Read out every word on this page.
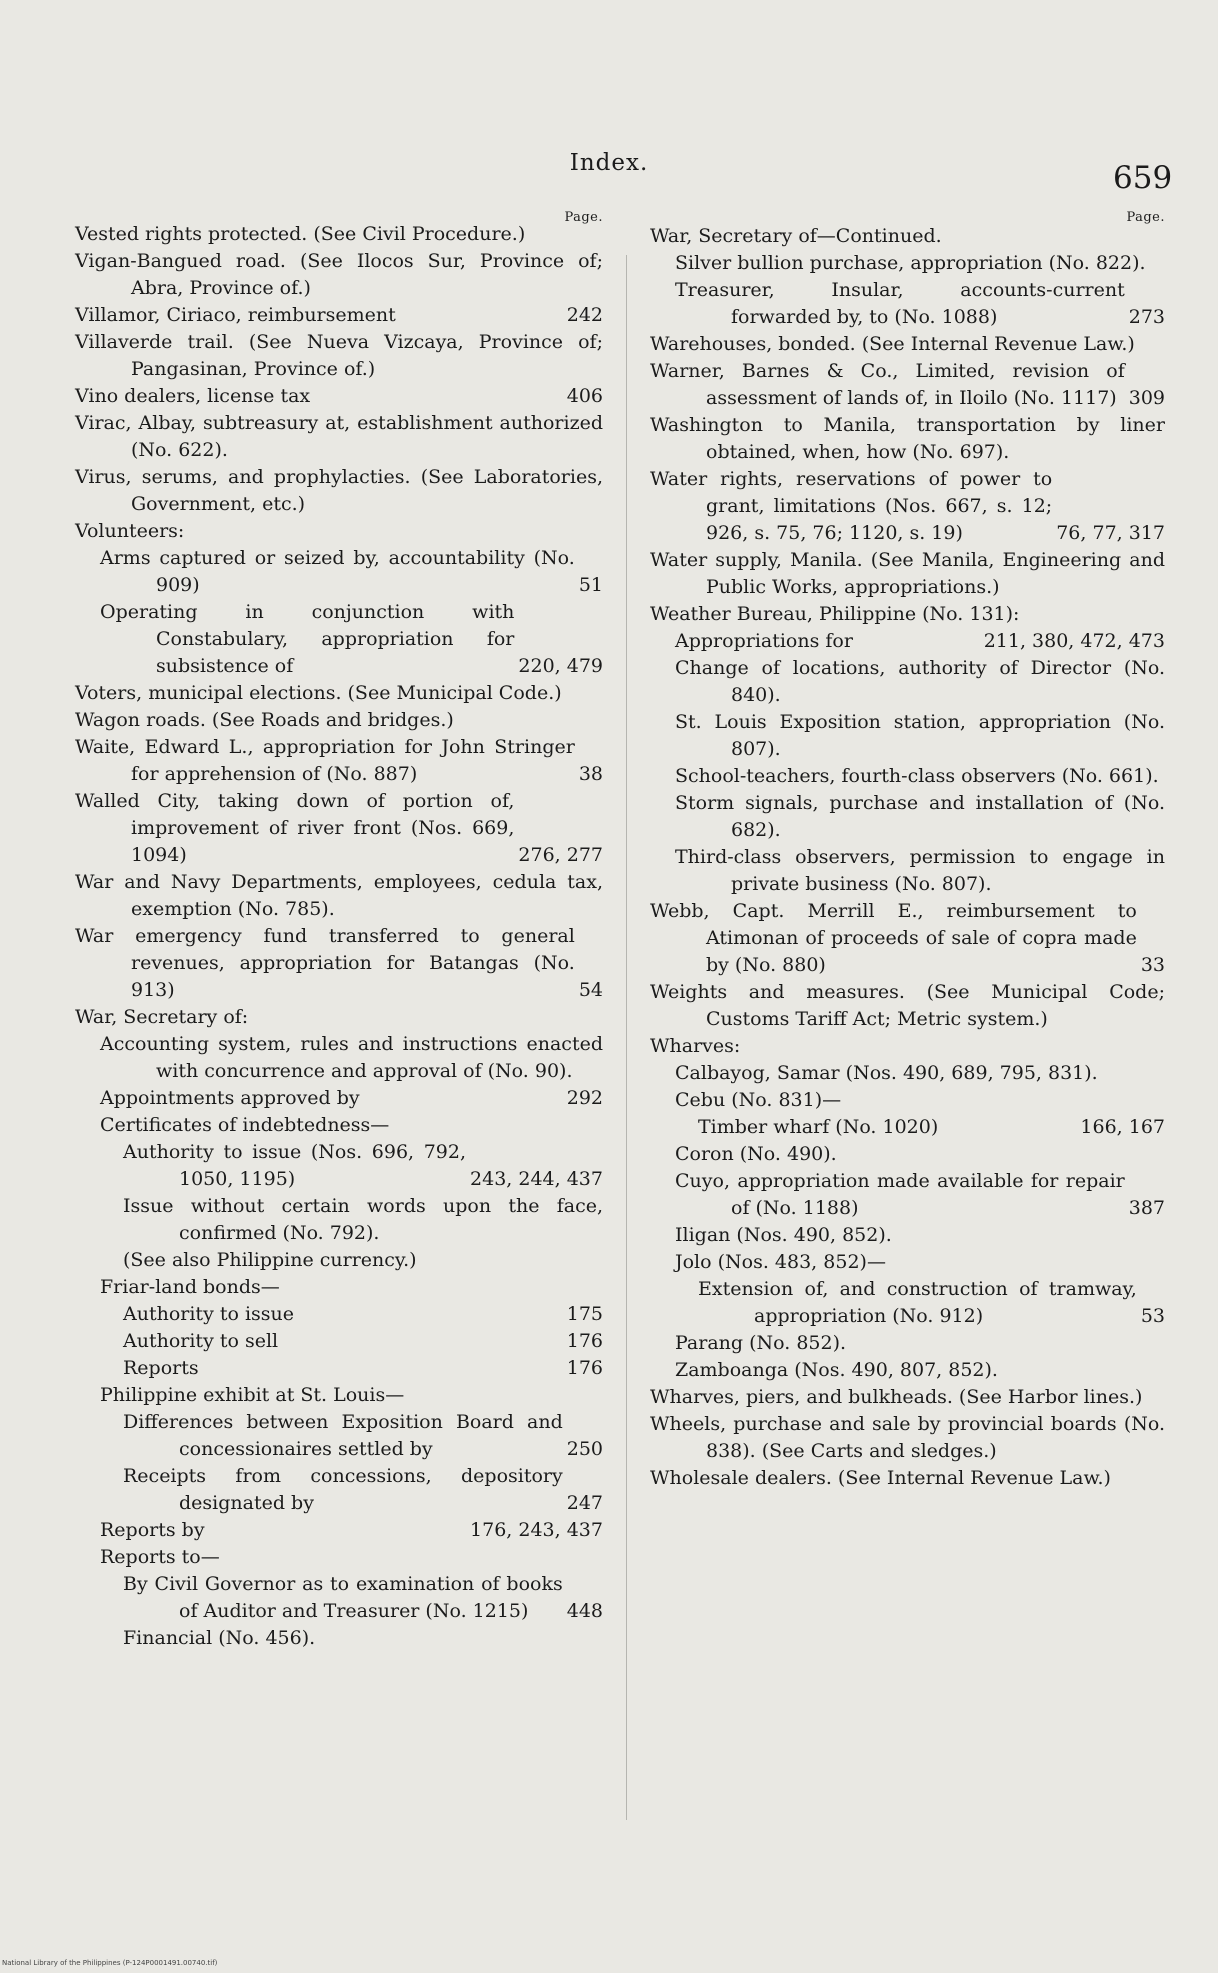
Index.	659
Page.
Vested rights protected. (See Civil Procedure.)
Vigan-Bangued road. (See Ilocos Sur, Province of; Abra, Province of.)
Villamor, Ciriaco, reimbursement	242
Villaverde trail. (See Nueva Vizcaya, Province of; Pangasinan, Province of.)
Vino dealers, license tax	406
Virac, Albay, subtreasury at, establishment authorized (No. 622).
Virus, serums, and prophylacties. (See Laboratories, Government, etc.)
Volunteers:
Arms captured or seized by, accountability (No. 909)	51
Operating in conjunction with Constabulary, appropriation for subsistence of	220, 479
Voters, municipal elections. (See Municipal Code.)
Wagon roads. (See Roads and bridges.)
Waite, Edward L., appropriation for John Stringer for apprehension of (No. 887)	38
Walled City, taking down of portion of, improvement of river front (Nos. 669, 1094)	276, 277
War and Navy Departments, employees, cedula tax, exemption (No. 785).
War emergency fund transferred to general revenues, appropriation for Batangas (No. 913)	54
War, Secretary of:
Accounting system, rules and instructions enacted with concurrence and approval of (No. 90).
Appointments approved by	292
Certificates of indebtedness—
Authority to issue (Nos. 696, 792, 1050, 1195)	243, 244, 437
Issue without certain words upon the face, confirmed (No. 792).
(See also Philippine currency.)
Friar-land bonds—
Authority to issue	175
Authority to sell	176
Reports	176
Philippine exhibit at St. Louis—
Differences between Exposition Board and concessionaires settled by	250
Receipts from concessions, depository designated by	247
Reports by	176, 243, 437
Reports to—
By Civil Governor as to examination of books of Auditor and Treasurer (No. 1215)	448
Financial (No. 456).
Page.
War, Secretary of—Continued.
Silver bullion purchase, appropriation (No. 822).
Treasurer, Insular, accounts-current forwarded by, to (No. 1088)	273
Warehouses, bonded. (See Internal Revenue Law.)
Warner, Barnes & Co., Limited, revision of assessment of lands of, in Iloilo (No. 1117) 309
Washington to Manila, transportation by liner obtained, when, how (No. 697).
Water rights, reservations of power to grant, limitations (Nos. 667, s. 12; 926, s. 75, 76; 1120, s. 19)	76, 77, 317
Water supply, Manila. (See Manila, Engineering and Public Works, appropriations.)
Weather Bureau, Philippine (No. 131):
Appropriations for	211, 380, 472, 473
Change of locations, authority of Director (No. 840).
St. Louis Exposition station, appropriation (No. 807).
School-teachers, fourth-class observers (No. 661).
Storm signals, purchase and installation of (No. 682).
Third-class observers, permission to engage in private business (No. 807).
Webb, Capt. Merrill E., reimbursement to Atimonan of proceeds of sale of copra made by (No. 880)	33
Weights and measures. (See Municipal Code; Customs Tariff Act; Metric system.)
Wharves:
Calbayog, Samar (Nos. 490, 689, 795, 831).
Cebu (No. 831)—
Timber wharf (No. 1020)	166, 167
Coron (No. 490).
Cuyo, appropriation made available for repair of (No. 1188)	387
Iligan (Nos. 490, 852).
Jolo (Nos. 483, 852)—
Extension of, and construction of tramway, appropriation (No. 912)	53
Parang (No. 852).
Zamboanga (Nos. 490, 807, 852).
Wharves, piers, and bulkheads. (See Harbor lines.)
Wheels, purchase and sale by provincial boards (No. 838). (See Carts and sledges.)
Wholesale dealers. (See Internal Revenue Law.)
National Library of the Philippines (P-124P0001491.00740.tif)
